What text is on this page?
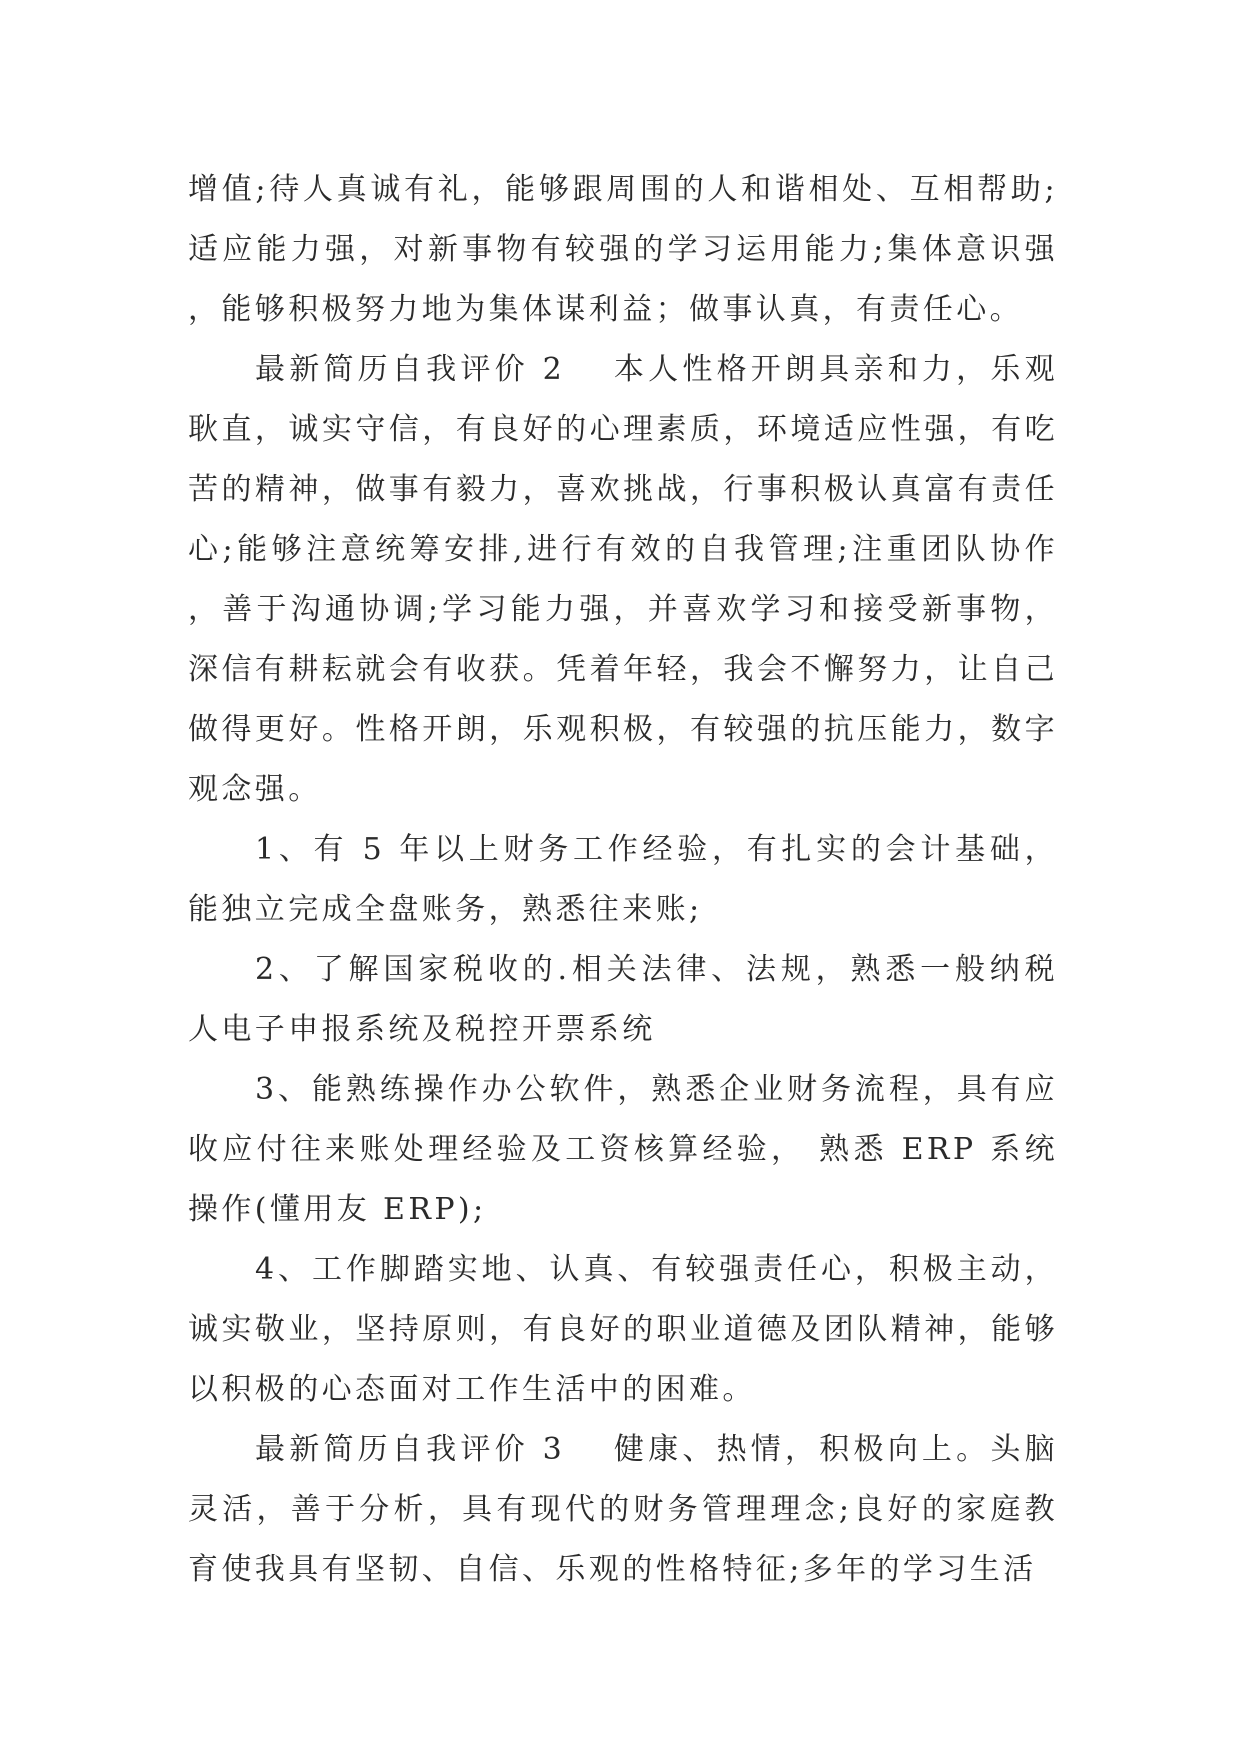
增值;待人真诚有礼，能够跟周围的人和谐相处、互相帮助;适应能力强，对新事物有较强的学习运用能力;集体意识强，能够积极努力地为集体谋利益；做事认真，有责任心。

最新简历自我评价 2 本人性格开朗具亲和力，乐观耿直，诚实守信，有良好的心理素质，环境适应性强，有吃苦的精神，做事有毅力，喜欢挑战，行事积极认真富有责任心;能够注意统筹安排,进行有效的自我管理;注重团队协作，善于沟通协调;学习能力强，并喜欢学习和接受新事物，深信有耕耘就会有收获。凭着年轻，我会不懈努力，让自己做得更好。性格开朗，乐观积极，有较强的抗压能力，数字观念强。

1、有 5 年以上财务工作经验，有扎实的会计基础，能独立完成全盘账务，熟悉往来账;

2、了解国家税收的.相关法律、法规，熟悉一般纳税人电子申报系统及税控开票系统

3、能熟练操作办公软件，熟悉企业财务流程，具有应收应付往来账处理经验及工资核算经验， 熟悉 ERP 系统操作(懂用友 ERP);

4、工作脚踏实地、认真、有较强责任心，积极主动，诚实敬业，坚持原则，有良好的职业道德及团队精神，能够以积极的心态面对工作生活中的困难。

最新简历自我评价 3 健康、热情，积极向上。头脑灵活，善于分析，具有现代的财务管理理念;良好的家庭教育使我具有坚韧、自信、乐观的性格特征;多年的学习生活
